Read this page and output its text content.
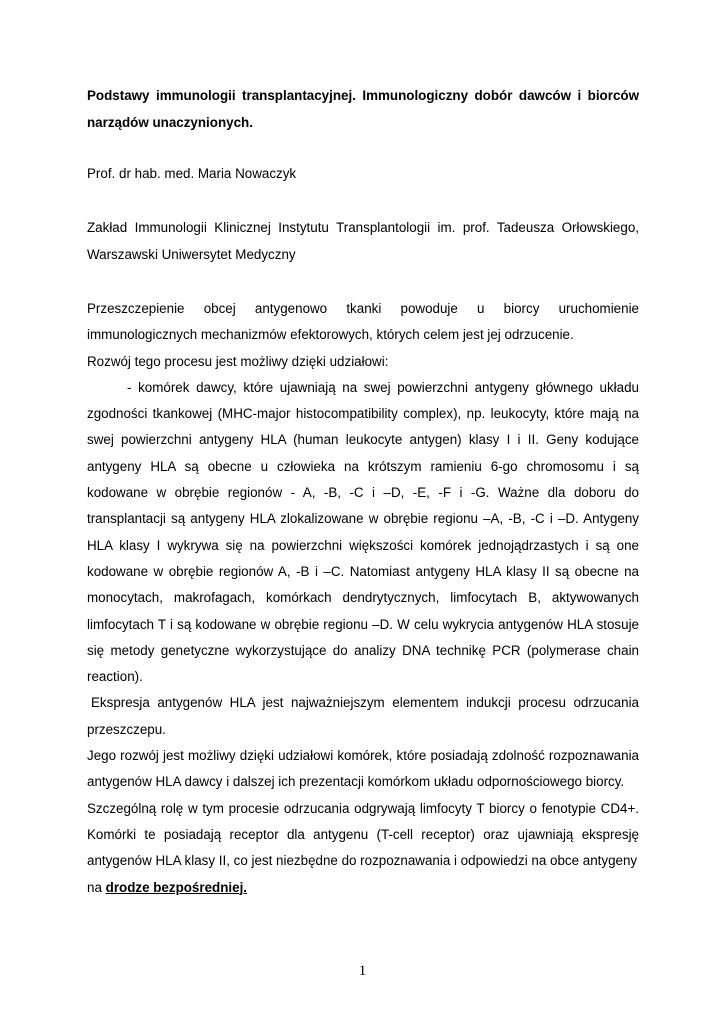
Podstawy immunologii transplantacyjnej. Immunologiczny dobór dawców i biorców narządów unaczynionych.
Prof. dr hab. med. Maria Nowaczyk
Zakład Immunologii Klinicznej Instytutu Transplantologii im. prof. Tadeusza Orłowskiego, Warszawski Uniwersytet Medyczny

Przeszczepienie obcej antygenowo tkanki powoduje u biorcy uruchomienie immunologicznych mechanizmów efektorowych, których celem jest jej odrzucenie.

Rozwój tego procesu jest możliwy dzięki udziałowi:

- komórek dawcy, które ujawniają na swej powierzchni antygeny głównego układu zgodności tkankowej (MHC-major histocompatibility complex), np. leukocyty, które mają na swej powierzchni antygeny HLA (human leukocyte antygen) klasy I i II. Geny kodujące antygeny HLA są obecne u człowieka na krótszym ramieniu 6-go chromosomu i są kodowane w obrębie regionów - A, -B, -C i –D, -E, -F i -G. Ważne dla doboru do transplantacji są antygeny HLA zlokalizowane w obrębie regionu –A, -B, -C i –D. Antygeny HLA klasy I wykrywa się na powierzchni większości komórek jednojądrzastych i są one kodowane w obrębie regionów A, -B i –C. Natomiast antygeny HLA klasy II są obecne na monocytach, makrofagach, komórkach dendrytycznych, limfocytach B, aktywowanych limfocytach T i są kodowane w obrębie regionu –D. W celu wykrycia antygenów HLA stosuje się metody genetyczne wykorzystujące do analizy DNA technikę PCR (polymerase chain reaction).

Ekspresja antygenów HLA jest najważniejszym elementem indukcji procesu odrzucania przeszczepu.

Jego rozwój jest możliwy dzięki udziałowi komórek, które posiadają zdolność rozpoznawania antygenów HLA dawcy i dalszej ich prezentacji komórkom układu odpornościowego biorcy.

Szczególną rolę w tym procesie odrzucania odgrywają limfocyty T biorcy o fenotypie CD4+. Komórki te posiadają receptor dla antygenu (T-cell receptor) oraz ujawniają ekspresję antygenów HLA klasy II, co jest niezbędne do rozpoznawania i odpowiedzi na obce antygeny

na drodze bezpośredniej.

1
